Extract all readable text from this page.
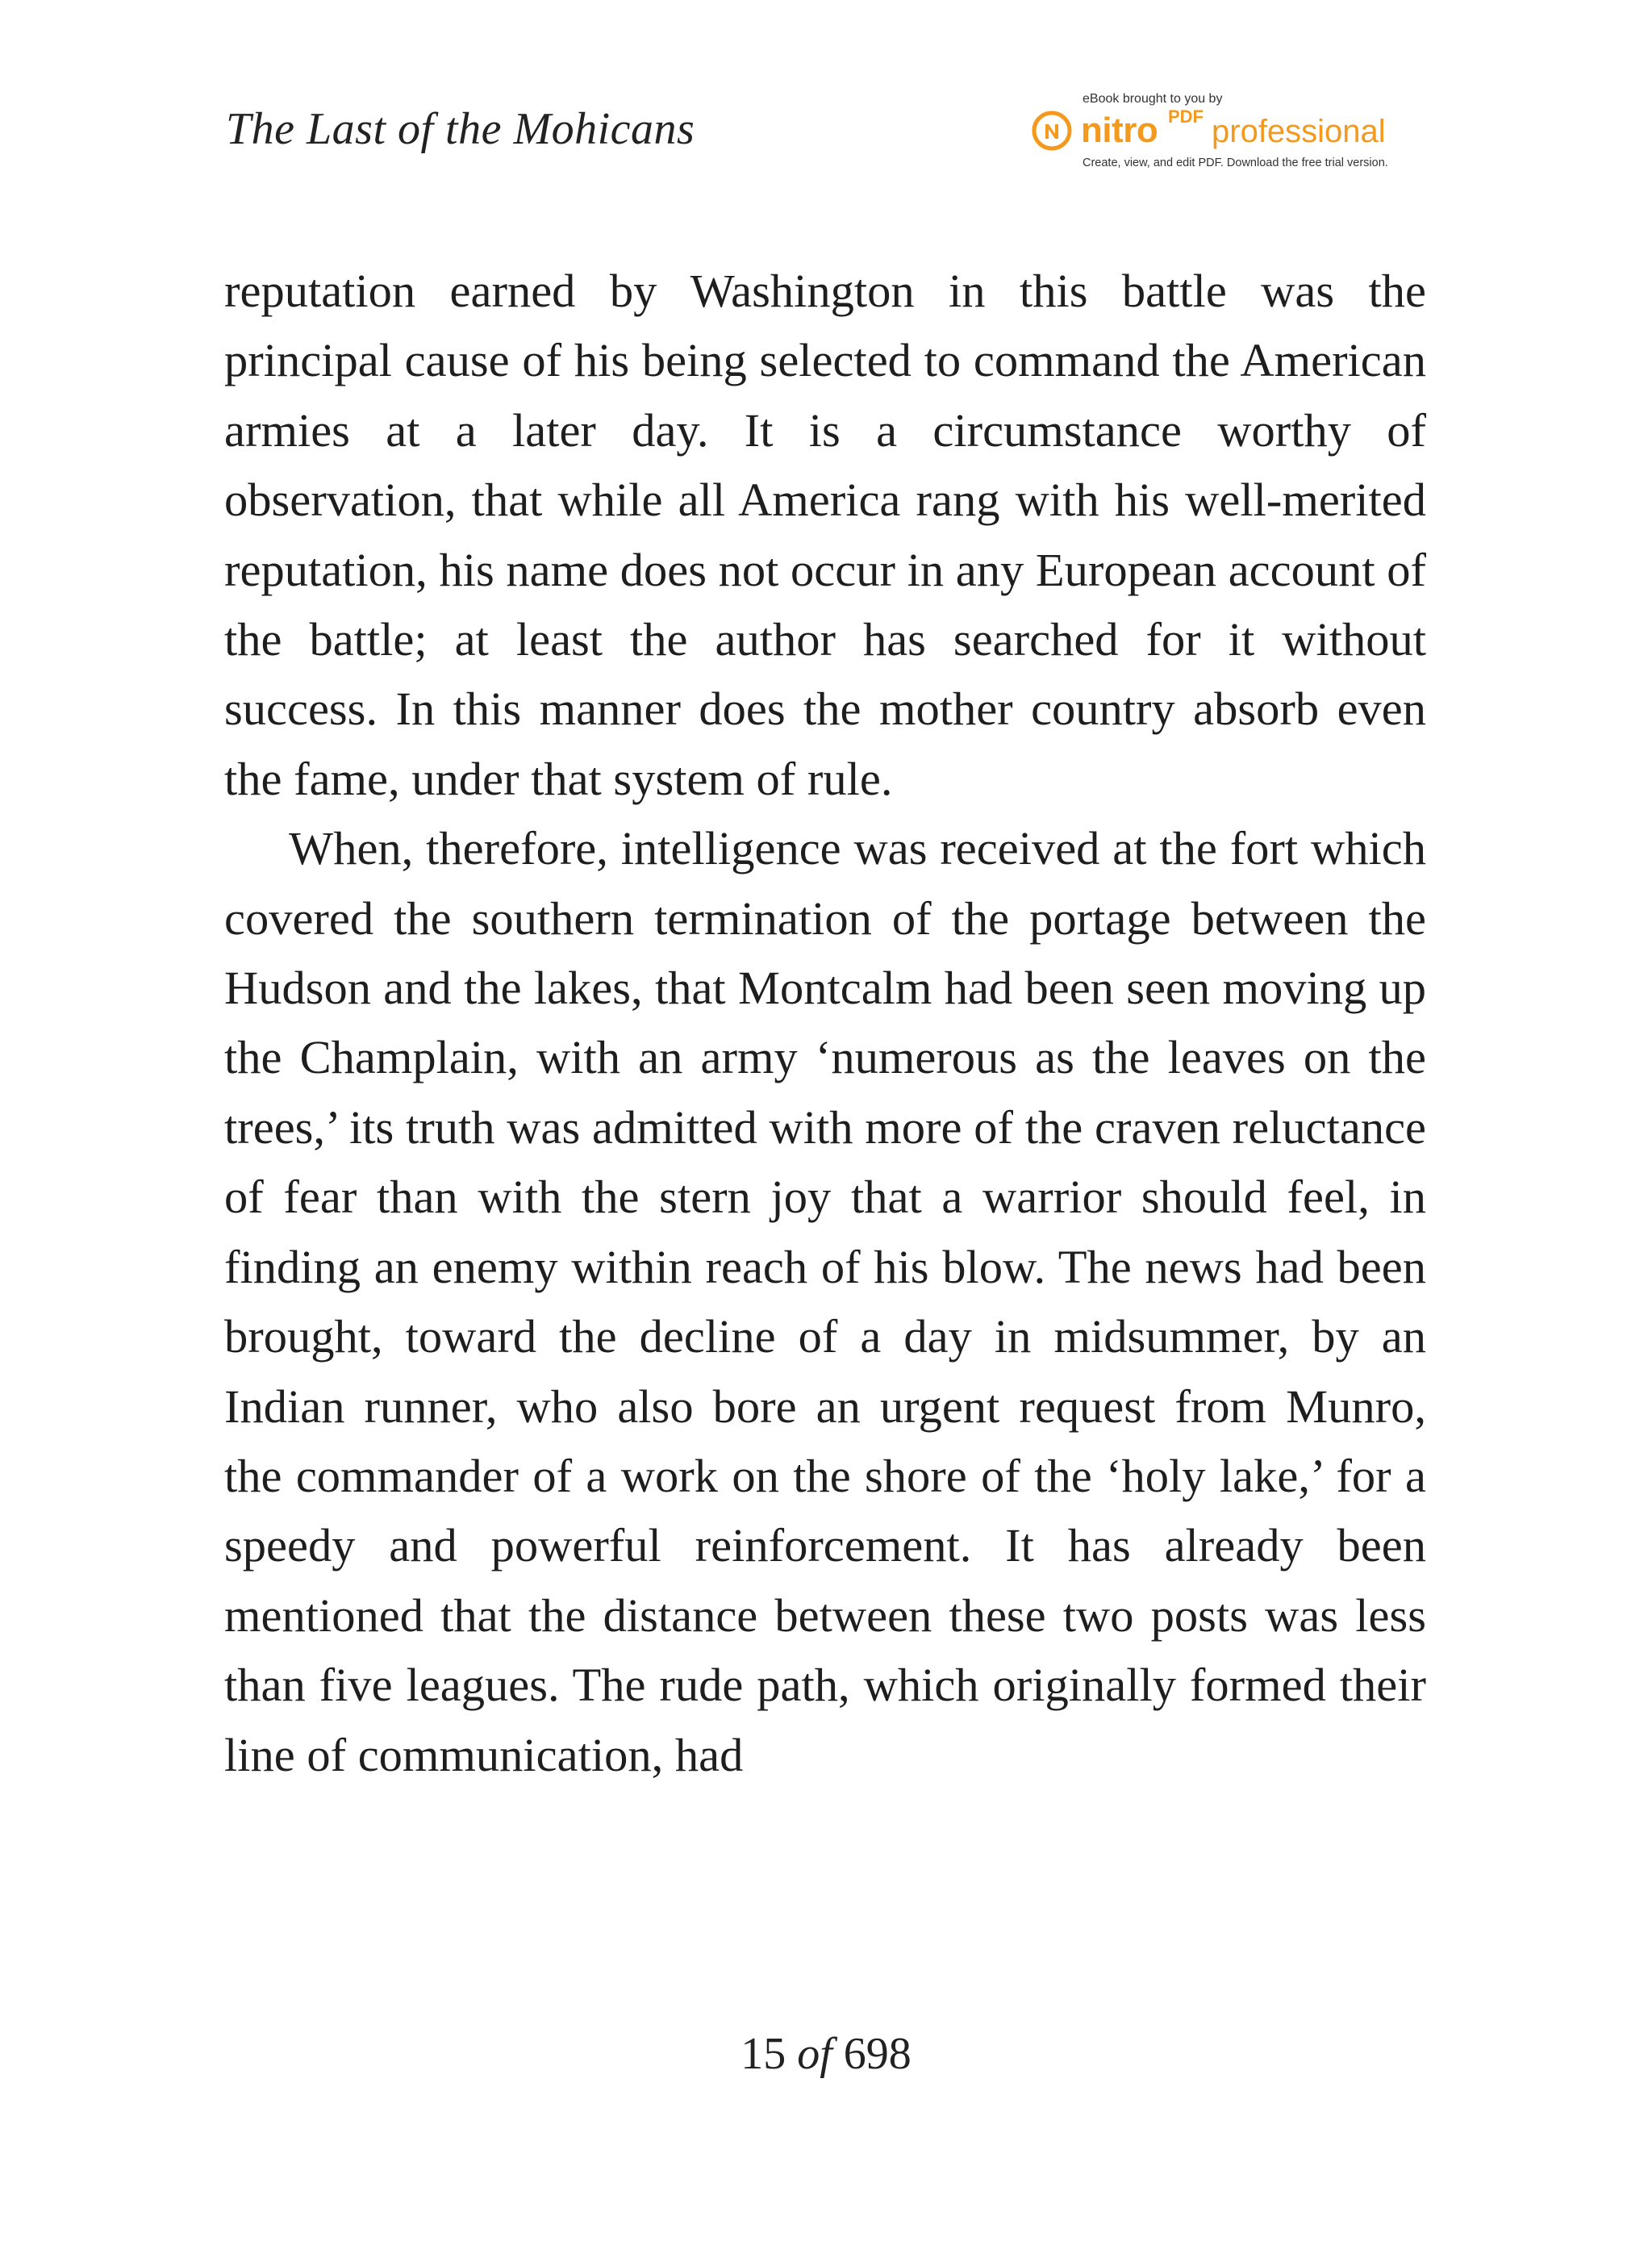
The Last of the Mohicans
eBook brought to you by
nitro PDF professional
Create, view, and edit PDF. Download the free trial version.

reputation earned by Washington in this battle was the principal cause of his being selected to command the American armies at a later day. It is a circumstance worthy of observation, that while all America rang with his well-merited reputation, his name does not occur in any European account of the battle; at least the author has searched for it without success. In this manner does the mother country absorb even the fame, under that system of rule.

When, therefore, intelligence was received at the fort which covered the southern termination of the portage between the Hudson and the lakes, that Montcalm had been seen moving up the Champlain, with an army ‘numerous as the leaves on the trees,’ its truth was admitted with more of the craven reluctance of fear than with the stern joy that a warrior should feel, in finding an enemy within reach of his blow. The news had been brought, toward the decline of a day in midsummer, by an Indian runner, who also bore an urgent request from Munro, the commander of a work on the shore of the ‘holy lake,’ for a speedy and powerful reinforcement. It has already been mentioned that the distance between these two posts was less than five leagues. The rude path, which originally formed their line of communication, had

15 of 698
